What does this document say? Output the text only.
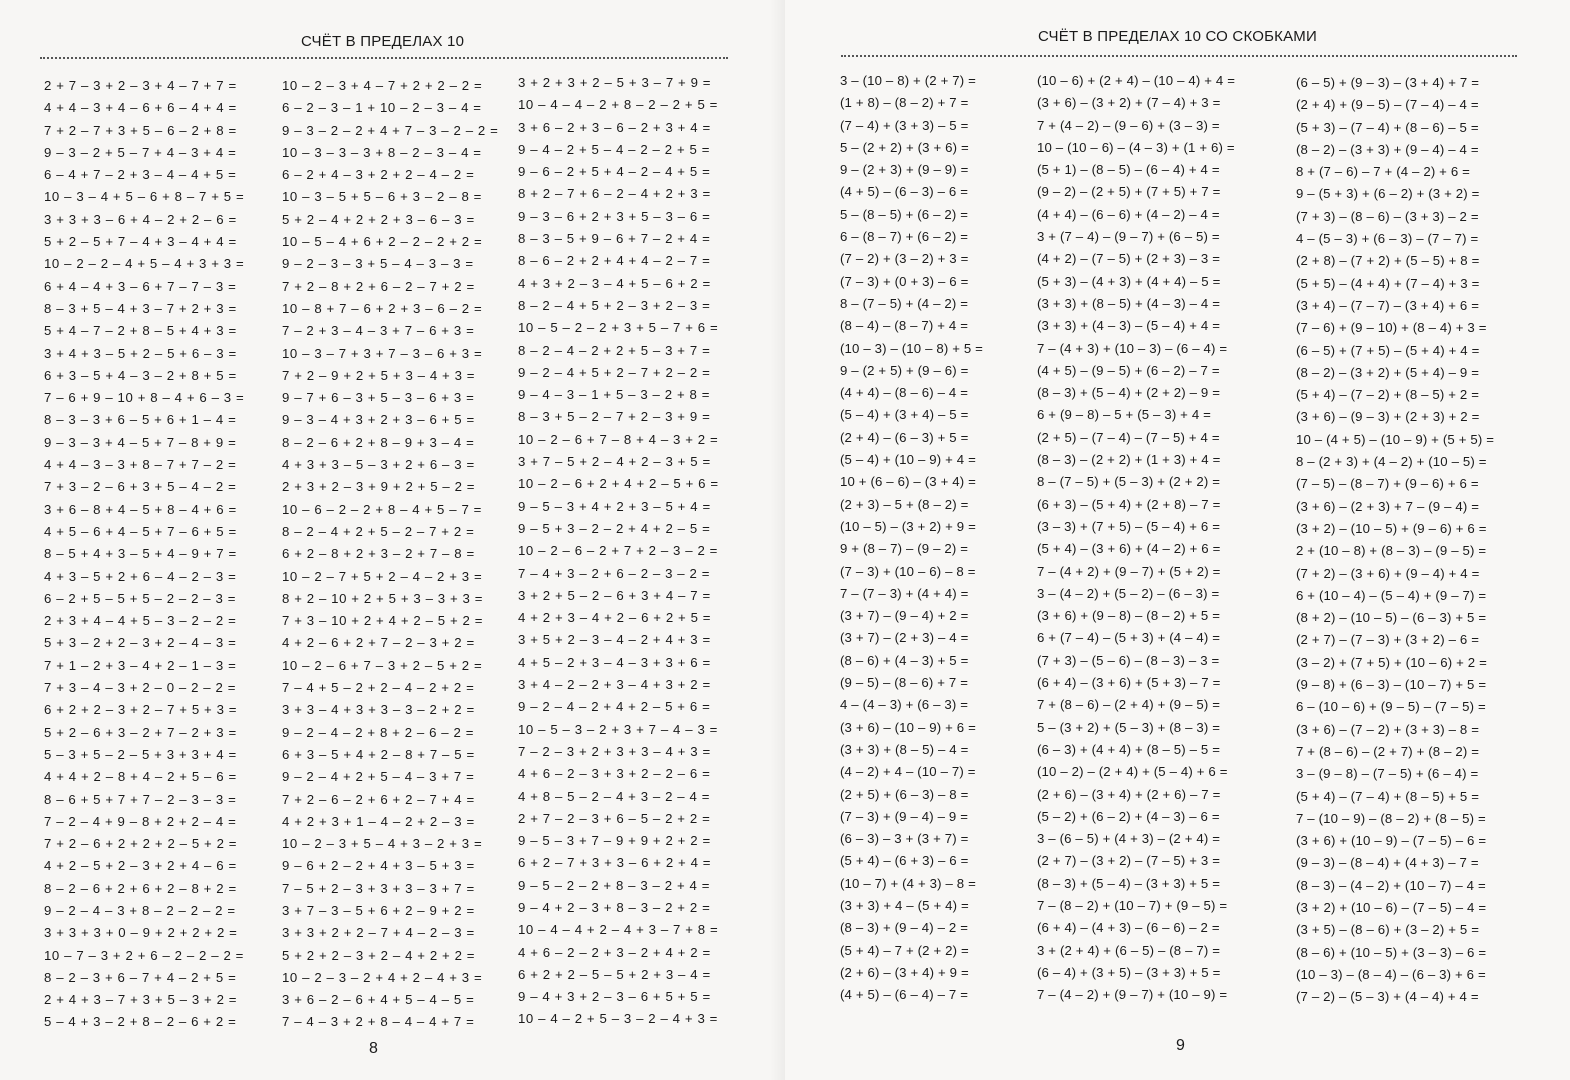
СЧЁТ В ПРЕДЕЛАХ 10
2 + 7 – 3 + 2 – 3 + 4 – 7 + 7 =
4 + 4 – 3 + 4 – 6 + 6 – 4 + 4 =
7 + 2 – 7 + 3 + 5 – 6 – 2 + 8 =
9 – 3 – 2 + 5 – 7 + 4 – 3 + 4 =
6 – 4 + 7 – 2 + 3 – 4 – 4 + 5 =
10 – 3 – 4 + 5 – 6 + 8 – 7 + 5 =
3 + 3 + 3 – 6 + 4 – 2 + 2 – 6 =
5 + 2 – 5 + 7 – 4 + 3 – 4 + 4 =
10 – 2 – 2 – 4 + 5 – 4 + 3 + 3 =
6 + 4 – 4 + 3 – 6 + 7 – 7 – 3 =
8 – 3 + 5 – 4 + 3 – 7 + 2 + 3 =
5 + 4 – 7 – 2 + 8 – 5 + 4 + 3 =
3 + 4 + 3 – 5 + 2 – 5 + 6 – 3 =
6 + 3 – 5 + 4 – 3 – 2 + 8 + 5 =
7 – 6 + 9 – 10 + 8 – 4 + 6 – 3 =
8 – 3 – 3 + 6 – 5 + 6 + 1 – 4 =
9 – 3 – 3 + 4 – 5 + 7 – 8 + 9 =
4 + 4 – 3 – 3 + 8 – 7 + 7 – 2 =
7 + 3 – 2 – 6 + 3 + 5 – 4 – 2 =
3 + 6 – 8 + 4 – 5 + 8 – 4 + 6 =
4 + 5 – 6 + 4 – 5 + 7 – 6 + 5 =
8 – 5 + 4 + 3 – 5 + 4 – 9 + 7 =
4 + 3 – 5 + 2 + 6 – 4 – 2 – 3 =
6 – 2 + 5 – 5 + 5 – 2 – 2 – 3 =
2 + 3 + 4 – 4 + 5 – 3 – 2 – 2 =
5 + 3 – 2 + 2 – 3 + 2 – 4 – 3 =
7 + 1 – 2 + 3 – 4 + 2 – 1 – 3 =
7 + 3 – 4 – 3 + 2 – 0 – 2 – 2 =
6 + 2 + 2 – 3 + 2 – 7 + 5 + 3 =
5 + 2 – 6 + 3 – 2 + 7 – 2 + 3 =
5 – 3 + 5 – 2 – 5 + 3 + 3 + 4 =
4 + 4 + 2 – 8 + 4 – 2 + 5 – 6 =
8 – 6 + 5 + 7 + 7 – 2 – 3 – 3 =
7 – 2 – 4 + 9 – 8 + 2 + 2 – 4 =
7 + 2 – 6 + 2 + 2 + 2 – 5 + 2 =
4 + 2 – 5 + 2 – 3 + 2 + 4 – 6 =
8 – 2 – 6 + 2 + 6 + 2 – 8 + 2 =
9 – 2 – 4 – 3 + 8 – 2 – 2 – 2 =
3 + 3 + 3 + 0 – 9 + 2 + 2 + 2 =
10 – 7 – 3 + 2 + 6 – 2 – 2 – 2 =
8 – 2 – 3 + 6 – 7 + 4 – 2 + 5 =
2 + 4 + 3 – 7 + 3 + 5 – 3 + 2 =
5 – 4 + 3 – 2 + 8 – 2 – 6 + 2 =
10 – 2 – 3 + 4 – 7 + 2 + 2 – 2 =
6 – 2 – 3 – 1 + 10 – 2 – 3 – 4 =
9 – 3 – 2 – 2 + 4 + 7 – 3 – 2 – 2 =
10 – 3 – 3 – 3 + 8 – 2 – 3 – 4 =
6 – 2 + 4 – 3 + 2 + 2 – 4 – 2 =
10 – 3 – 5 + 5 – 6 + 3 – 2 – 8 =
5 + 2 – 4 + 2 + 2 + 3 – 6 – 3 =
10 – 5 – 4 + 6 + 2 – 2 – 2 + 2 =
9 – 2 – 3 – 3 + 5 – 4 – 3 – 3 =
7 + 2 – 8 + 2 + 6 – 2 – 7 + 2 =
10 – 8 + 7 – 6 + 2 + 3 – 6 – 2 =
7 – 2 + 3 – 4 – 3 + 7 – 6 + 3 =
10 – 3 – 7 + 3 + 7 – 3 – 6 + 3 =
7 + 2 – 9 + 2 + 5 + 3 – 4 + 3 =
9 – 7 + 6 – 3 + 5 – 3 – 6 + 3 =
9 – 3 – 4 + 3 + 2 + 3 – 6 + 5 =
8 – 2 – 6 + 2 + 8 – 9 + 3 – 4 =
4 + 3 + 3 – 5 – 3 + 2 + 6 – 3 =
2 + 3 + 2 – 3 + 9 + 2 + 5 – 2 =
10 – 6 – 2 – 2 + 8 – 4 + 5 – 7 =
8 – 2 – 4 + 2 + 5 – 2 – 7 + 2 =
6 + 2 – 8 + 2 + 3 – 2 + 7 – 8 =
10 – 2 – 7 + 5 + 2 – 4 – 2 + 3 =
8 + 2 – 10 + 2 + 5 + 3 – 3 + 3 =
7 + 3 – 10 + 2 + 4 + 2 – 5 + 2 =
4 + 2 – 6 + 2 + 7 – 2 – 3 + 2 =
10 – 2 – 6 + 7 – 3 + 2 – 5 + 2 =
7 – 4 + 5 – 2 + 2 – 4 – 2 + 2 =
3 + 3 – 4 + 3 + 3 – 3 – 2 + 2 =
9 – 2 – 4 – 2 + 8 + 2 – 6 – 2 =
6 + 3 – 5 + 4 + 2 – 8 + 7 – 5 =
9 – 2 – 4 + 2 + 5 – 4 – 3 + 7 =
7 + 2 – 6 – 2 + 6 + 2 – 7 + 4 =
4 + 2 + 3 + 1 – 4 – 2 + 2 – 3 =
10 – 2 – 3 + 5 – 4 + 3 – 2 + 3 =
9 – 6 + 2 – 2 + 4 + 3 – 5 + 3 =
7 – 5 + 2 – 3 + 3 + 3 – 3 + 7 =
3 + 7 – 3 – 5 + 6 + 2 – 9 + 2 =
3 + 3 + 2 + 2 – 7 + 4 – 2 – 3 =
5 + 2 + 2 – 3 + 2 – 4 + 2 + 2 =
10 – 2 – 3 – 2 + 4 + 2 – 4 + 3 =
3 + 6 – 2 – 6 + 4 + 5 – 4 – 5 =
7 – 4 – 3 + 2 + 8 – 4 – 4 + 7 =
3 + 2 + 3 + 2 – 5 + 3 – 7 + 9 =
10 – 4 – 4 – 2 + 8 – 2 – 2 + 5 =
3 + 6 – 2 + 3 – 6 – 2 + 3 + 4 =
9 – 4 – 2 + 5 – 4 – 2 – 2 + 5 =
9 – 6 – 2 + 5 + 4 – 2 – 4 + 5 =
8 + 2 – 7 + 6 – 2 – 4 + 2 + 3 =
9 – 3 – 6 + 2 + 3 + 5 – 3 – 6 =
8 – 3 – 5 + 9 – 6 + 7 – 2 + 4 =
8 – 6 – 2 + 2 + 4 + 4 – 2 – 7 =
4 + 3 + 2 – 3 – 4 + 5 – 6 + 2 =
8 – 2 – 4 + 5 + 2 – 3 + 2 – 3 =
10 – 5 – 2 – 2 + 3 + 5 – 7 + 6 =
8 – 2 – 4 – 2 + 2 + 5 – 3 + 7 =
9 – 2 – 4 + 5 + 2 – 7 + 2 – 2 =
9 – 4 – 3 – 1 + 5 – 3 – 2 + 8 =
8 – 3 + 5 – 2 – 7 + 2 – 3 + 9 =
10 – 2 – 6 + 7 – 8 + 4 – 3 + 2 =
3 + 7 – 5 + 2 – 4 + 2 – 3 + 5 =
10 – 2 – 6 + 2 + 4 + 2 – 5 + 6 =
9 – 5 – 3 + 4 + 2 + 3 – 5 + 4 =
9 – 5 + 3 – 2 – 2 + 4 + 2 – 5 =
10 – 2 – 6 – 2 + 7 + 2 – 3 – 2 =
7 – 4 + 3 – 2 + 6 – 2 – 3 – 2 =
3 + 2 + 5 – 2 – 6 + 3 + 4 – 7 =
4 + 2 + 3 – 4 + 2 – 6 + 2 + 5 =
3 + 5 + 2 – 3 – 4 – 2 + 4 + 3 =
4 + 5 – 2 + 3 – 4 – 3 + 3 + 6 =
3 + 4 – 2 – 2 + 3 – 4 + 3 + 2 =
9 – 2 – 4 – 2 + 4 + 2 – 5 + 6 =
10 – 5 – 3 – 2 + 3 + 7 – 4 – 3 =
7 – 2 – 3 + 2 + 3 + 3 – 4 + 3 =
4 + 6 – 2 – 3 + 3 + 2 – 2 – 6 =
4 + 8 – 5 – 2 – 4 + 3 – 2 – 4 =
2 + 7 – 2 – 3 + 6 – 5 – 2 + 2 =
9 – 5 – 3 + 7 – 9 + 9 + 2 + 2 =
6 + 2 – 7 + 3 + 3 – 6 + 2 + 4 =
9 – 5 – 2 – 2 + 8 – 3 – 2 + 4 =
9 – 4 + 2 – 3 + 8 – 3 – 2 + 2 =
10 – 4 – 4 + 2 – 4 + 3 – 7 + 8 =
4 + 6 – 2 – 2 + 3 – 2 + 4 + 2 =
6 + 2 + 2 – 5 – 5 + 2 + 3 – 4 =
9 – 4 + 3 + 2 – 3 – 6 + 5 + 5 =
10 – 4 – 2 + 5 – 3 – 2 – 4 + 3 =
8
СЧЁТ В ПРЕДЕЛАХ 10 СО СКОБКАМИ
3 – (10 – 8) + (2 + 7) =
(1 + 8) – (8 – 2) + 7 =
(7 – 4) + (3 + 3) – 5 =
5 – (2 + 2) + (3 + 6) =
9 – (2 + 3) + (9 – 9) =
(4 + 5) – (6 – 3) – 6 =
5 – (8 – 5) + (6 – 2) =
6 – (8 – 7) + (6 – 2) =
(7 – 2) + (3 – 2) + 3 =
(7 – 3) + (0 + 3) – 6 =
8 – (7 – 5) + (4 – 2) =
(8 – 4) – (8 – 7) + 4 =
(10 – 3) – (10 – 8) + 5 =
9 – (2 + 5) + (9 – 6) =
(4 + 4) – (8 – 6) – 4 =
(5 – 4) + (3 + 4) – 5 =
(2 + 4) – (6 – 3) + 5 =
(5 – 4) + (10 – 9) + 4 =
10 + (6 – 6) – (3 + 4) =
(2 + 3) – 5 + (8 – 2) =
(10 – 5) – (3 + 2) + 9 =
9 + (8 – 7) – (9 – 2) =
(7 – 3) + (10 – 6) – 8 =
7 – (7 – 3) + (4 + 4) =
(3 + 7) – (9 – 4) + 2 =
(3 + 7) – (2 + 3) – 4 =
(8 – 6) + (4 – 3) + 5 =
(9 – 5) – (8 – 6) + 7 =
4 – (4 – 3) + (6 – 3) =
(3 + 6) – (10 – 9) + 6 =
(3 + 3) + (8 – 5) – 4 =
(4 – 2) + 4 – (10 – 7) =
(2 + 5) + (6 – 3) – 8 =
(7 – 3) + (9 – 4) – 9 =
(6 – 3) – 3 + (3 + 7) =
(5 + 4) – (6 + 3) – 6 =
(10 – 7) + (4 + 3) – 8 =
(3 + 3) + 4 – (5 + 4) =
(8 – 3) + (9 – 4) – 2 =
(5 + 4) – 7 + (2 + 2) =
(2 + 6) – (3 + 4) + 9 =
(4 + 5) – (6 – 4) – 7 =
(10 – 6) + (2 + 4) – (10 – 4) + 4 =
(3 + 6) – (3 + 2) + (7 – 4) + 3 =
7 + (4 – 2) – (9 – 6) + (3 – 3) =
10 – (10 – 6) – (4 – 3) + (1 + 6) =
(5 + 1) – (8 – 5) – (6 – 4) + 4 =
(9 – 2) – (2 + 5) + (7 + 5) + 7 =
(4 + 4) – (6 – 6) + (4 – 2) – 4 =
3 + (7 – 4) – (9 – 7) + (6 – 5) =
(4 + 2) – (7 – 5) + (2 + 3) – 3 =
(5 + 3) – (4 + 3) + (4 + 4) – 5 =
(3 + 3) + (8 – 5) + (4 – 3) – 4 =
(3 + 3) + (4 – 3) – (5 – 4) + 4 =
7 – (4 + 3) + (10 – 3) – (6 – 4) =
(4 + 5) – (9 – 5) + (6 – 2) – 7 =
(8 – 3) + (5 – 4) + (2 + 2) – 9 =
6 + (9 – 8) – 5 + (5 – 3) + 4 =
(2 + 5) – (7 – 4) – (7 – 5) + 4 =
(8 – 3) – (2 + 2) + (1 + 3) + 4 =
8 – (7 – 5) + (5 – 3) + (2 + 2) =
(6 + 3) – (5 + 4) + (2 + 8) – 7 =
(3 – 3) + (7 + 5) – (5 – 4) + 6 =
(5 + 4) – (3 + 6) + (4 – 2) + 6 =
7 – (4 + 2) + (9 – 7) + (5 + 2) =
3 – (4 – 2) + (5 – 2) – (6 – 3) =
(3 + 6) + (9 – 8) – (8 – 2) + 5 =
6 + (7 – 4) – (5 + 3) + (4 – 4) =
(7 + 3) – (5 – 6) – (8 – 3) – 3 =
(6 + 4) – (3 + 6) + (5 + 3) – 7 =
7 + (8 – 6) – (2 + 4) + (9 – 5) =
5 – (3 + 2) + (5 – 3) + (8 – 3) =
(6 – 3) + (4 + 4) + (8 – 5) – 5 =
(10 – 2) – (2 + 4) + (5 – 4) + 6 =
(2 + 6) – (3 + 4) + (2 + 6) – 7 =
(5 – 2) + (6 – 2) + (4 – 3) – 6 =
3 – (6 – 5) + (4 + 3) – (2 + 4) =
(2 + 7) – (3 + 2) – (7 – 5) + 3 =
(8 – 3) + (5 – 4) – (3 + 3) + 5 =
7 – (8 – 2) + (10 – 7) + (9 – 5) =
(6 + 4) – (4 + 3) – (6 – 6) – 2 =
3 + (2 + 4) + (6 – 5) – (8 – 7) =
(6 – 4) + (3 + 5) – (3 + 3) + 5 =
7 – (4 – 2) + (9 – 7) + (10 – 9) =
(6 – 5) + (9 – 3) – (3 + 4) + 7 =
(2 + 4) + (9 – 5) – (7 – 4) – 4 =
(5 + 3) – (7 – 4) + (8 – 6) – 5 =
(8 – 2) – (3 + 3) + (9 – 4) – 4 =
8 + (7 – 6) – 7 + (4 – 2) + 6 =
9 – (5 + 3) + (6 – 2) + (3 + 2) =
(7 + 3) – (8 – 6) – (3 + 3) – 2 =
4 – (5 – 3) + (6 – 3) – (7 – 7) =
(2 + 8) – (7 + 2) + (5 – 5) + 8 =
(5 + 5) – (4 + 4) + (7 – 4) + 3 =
(3 + 4) – (7 – 7) – (3 + 4) + 6 =
(7 – 6) + (9 – 10) + (8 – 4) + 3 =
(6 – 5) + (7 + 5) – (5 + 4) + 4 =
(8 – 2) – (3 + 2) + (5 + 4) – 9 =
(5 + 4) – (7 – 2) + (8 – 5) + 2 =
(3 + 6) – (9 – 3) + (2 + 3) + 2 =
10 – (4 + 5) – (10 – 9) + (5 + 5) =
8 – (2 + 3) + (4 – 2) + (10 – 5) =
(7 – 5) – (8 – 7) + (9 – 6) + 6 =
(3 + 6) – (2 + 3) + 7 – (9 – 4) =
(3 + 2) – (10 – 5) + (9 – 6) + 6 =
2 + (10 – 8) + (8 – 3) – (9 – 5) =
(7 + 2) – (3 + 6) + (9 – 4) + 4 =
6 + (10 – 4) – (5 – 4) + (9 – 7) =
(8 + 2) – (10 – 5) – (6 – 3) + 5 =
(2 + 7) – (7 – 3) + (3 + 2) – 6 =
(3 – 2) + (7 + 5) + (10 – 6) + 2 =
(9 – 8) + (6 – 3) – (10 – 7) + 5 =
6 – (10 – 6) + (9 – 5) – (7 – 5) =
(3 + 6) – (7 – 2) + (3 + 3) – 8 =
7 + (8 – 6) – (2 + 7) + (8 – 2) =
3 – (9 – 8) – (7 – 5) + (6 – 4) =
(5 + 4) – (7 – 4) + (8 – 5) + 5 =
7 – (10 – 9) – (8 – 2) + (8 – 5) =
(3 + 6) + (10 – 9) – (7 – 5) – 6 =
(9 – 3) – (8 – 4) + (4 + 3) – 7 =
(8 – 3) – (4 – 2) + (10 – 7) – 4 =
(3 + 2) + (10 – 6) – (7 – 5) – 4 =
(3 + 5) – (8 – 6) + (3 – 2) + 5 =
(8 – 6) + (10 – 5) + (3 – 3) – 6 =
(10 – 3) – (8 – 4) – (6 – 3) + 6 =
(7 – 2) – (5 – 3) + (4 – 4) + 4 =
9
